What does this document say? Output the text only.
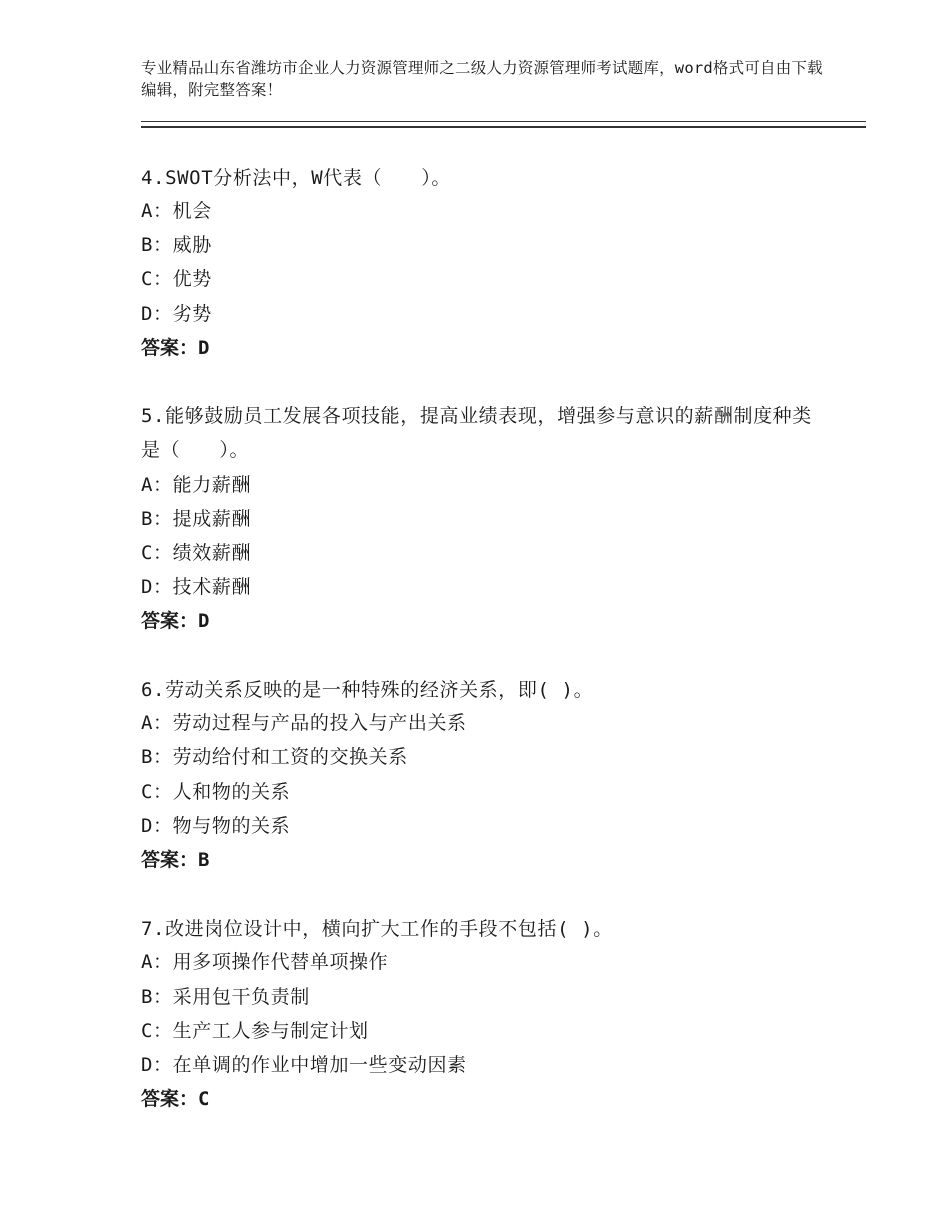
专业精品山东省潍坊市企业人力资源管理师之二级人力资源管理师考试题库，word格式可自由下载编辑，附完整答案！
4.SWOT分析法中，W代表（　　）。
A：机会
B：威胁
C：优势
D：劣势
答案：D
5.能够鼓励员工发展各项技能，提高业绩表现，增强参与意识的薪酬制度种类是（　　）。
A：能力薪酬
B：提成薪酬
C：绩效薪酬
D：技术薪酬
答案：D
6.劳动关系反映的是一种特殊的经济关系，即( )。
A：劳动过程与产品的投入与产出关系
B：劳动给付和工资的交换关系
C：人和物的关系
D：物与物的关系
答案：B
7.改进岗位设计中，横向扩大工作的手段不包括( )。
A：用多项操作代替单项操作
B：采用包干负责制
C：生产工人参与制定计划
D：在单调的作业中增加一些变动因素
答案：C
